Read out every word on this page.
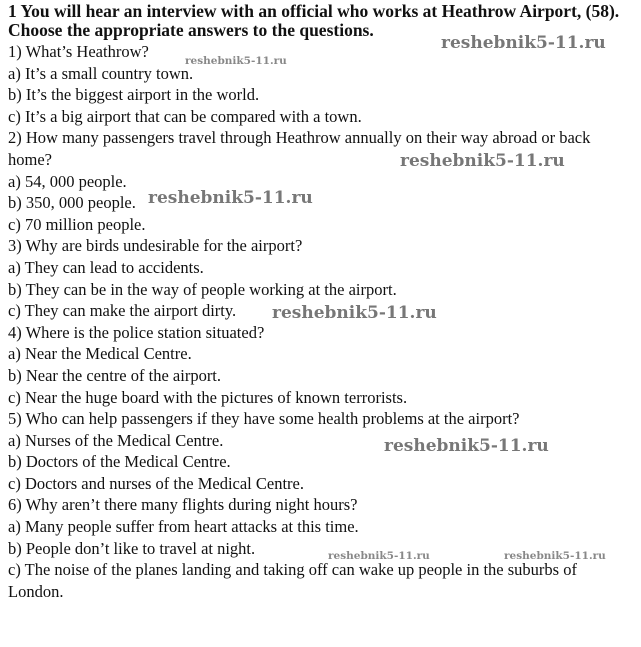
1 You will hear an interview with an official who works at Heathrow Airport, (58). Choose the appropriate answers to the questions.
1) What’s Heathrow?
a) It’s a small country town.
b) It’s the biggest airport in the world.
c) It’s a big airport that can be compared with a town.
2) How many passengers travel through Heathrow annually on their way abroad or back home?
a) 54, 000 people.
b) 350, 000 people.
c) 70 million people.
3) Why are birds undesirable for the airport?
a) They can lead to accidents.
b) They can be in the way of people working at the airport.
c) They can make the airport dirty.
4) Where is the police station situated?
a) Near the Medical Centre.
b) Near the centre of the airport.
c) Near the huge board with the pictures of known terrorists.
5) Who can help passengers if they have some health problems at the airport?
a) Nurses of the Medical Centre.
b) Doctors of the Medical Centre.
c) Doctors and nurses of the Medical Centre.
6) Why aren’t there many flights during night hours?
a) Many people suffer from heart attacks at this time.
b) People don’t like to travel at night.
c) The noise of the planes landing and taking off can wake up people in the suburbs of London.
reshebnik5-11.ru
reshebnik5-11.ru
reshebnik5-11.ru
reshebnik5-11.ru
reshebnik5-11.ru
reshebnik5-11.ru
reshebnik5-11.ru	reshebnik5-11.ru
